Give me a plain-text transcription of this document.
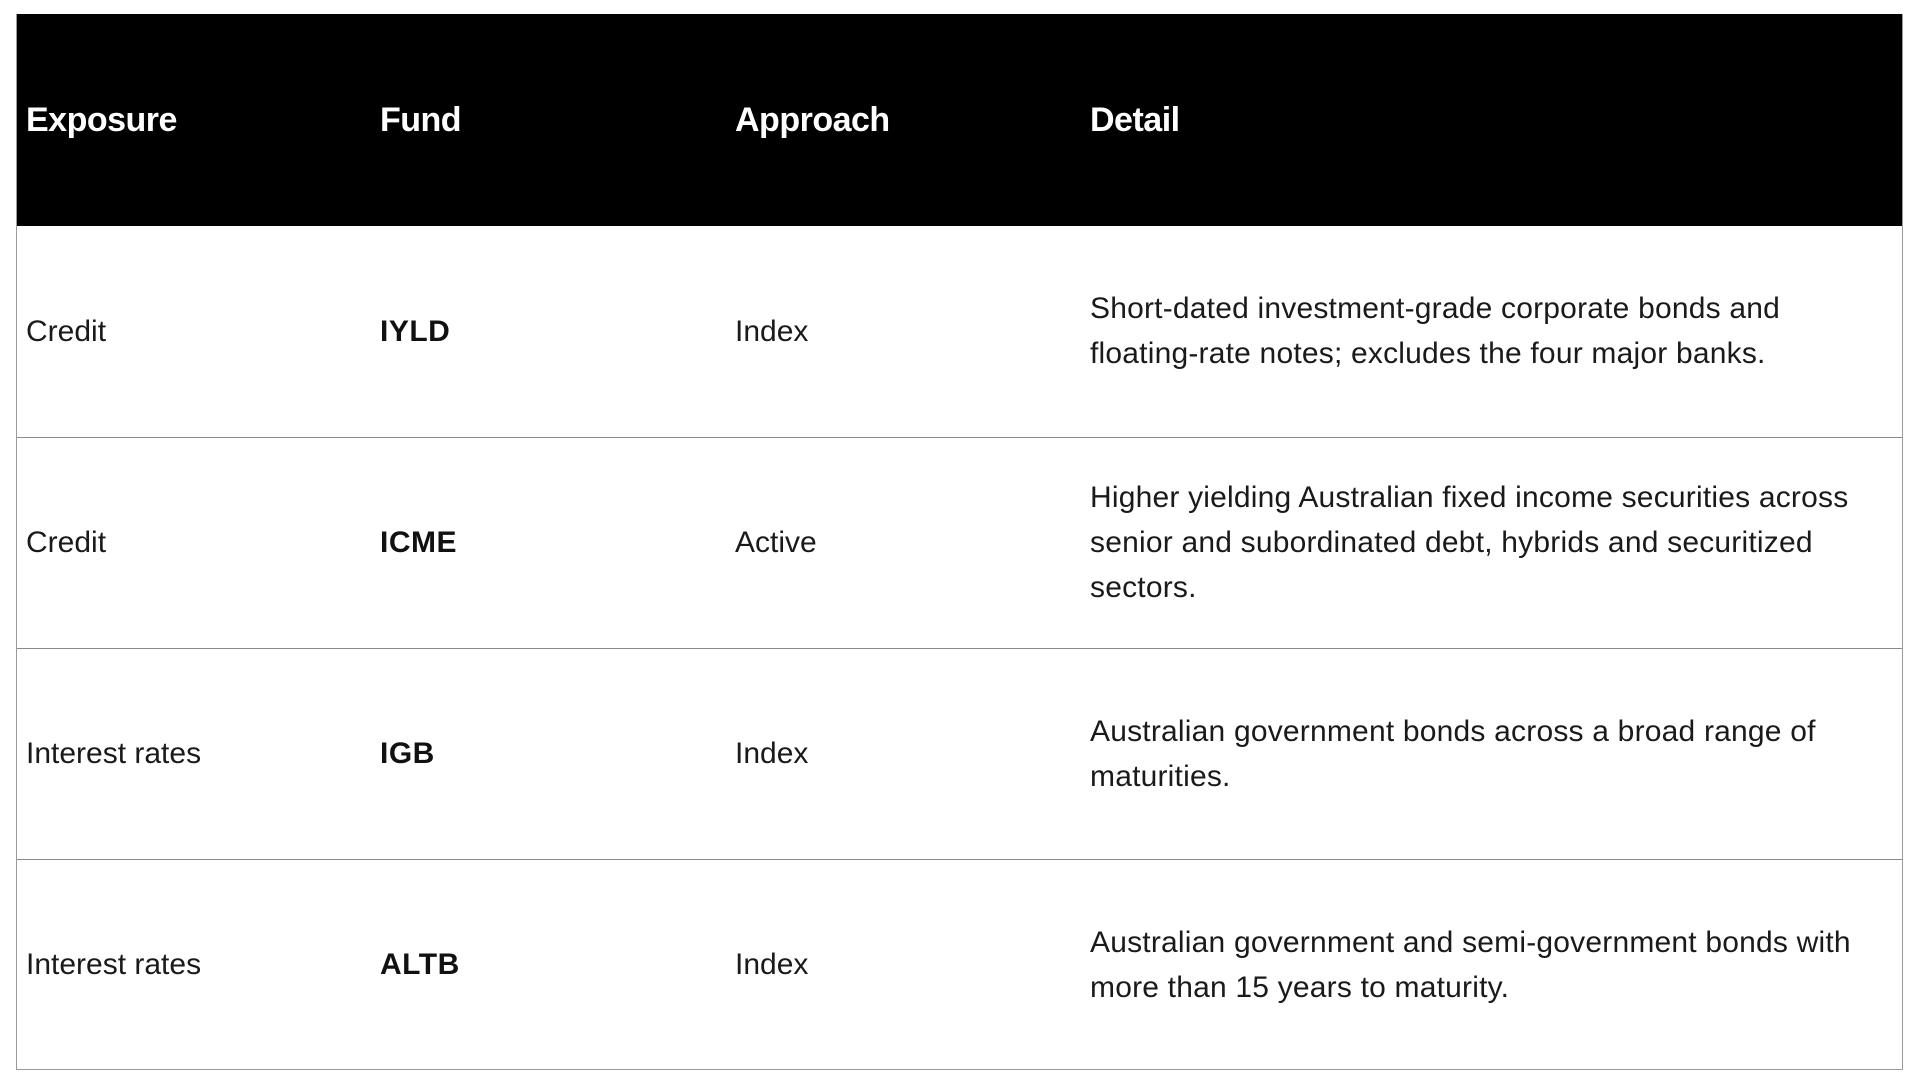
Exposure	Fund	Approach	Detail
Credit	IYLD	Index	Short-dated investment-grade corporate bonds and floating-rate notes; excludes the four major banks.
Credit	ICME	Active	Higher yielding Australian fixed income securities across senior and subordinated debt, hybrids and securitized sectors.
Interest rates	IGB	Index	Australian government bonds across a broad range of maturities.
Interest rates	ALTB	Index	Australian government and semi-government bonds with more than 15 years to maturity.
